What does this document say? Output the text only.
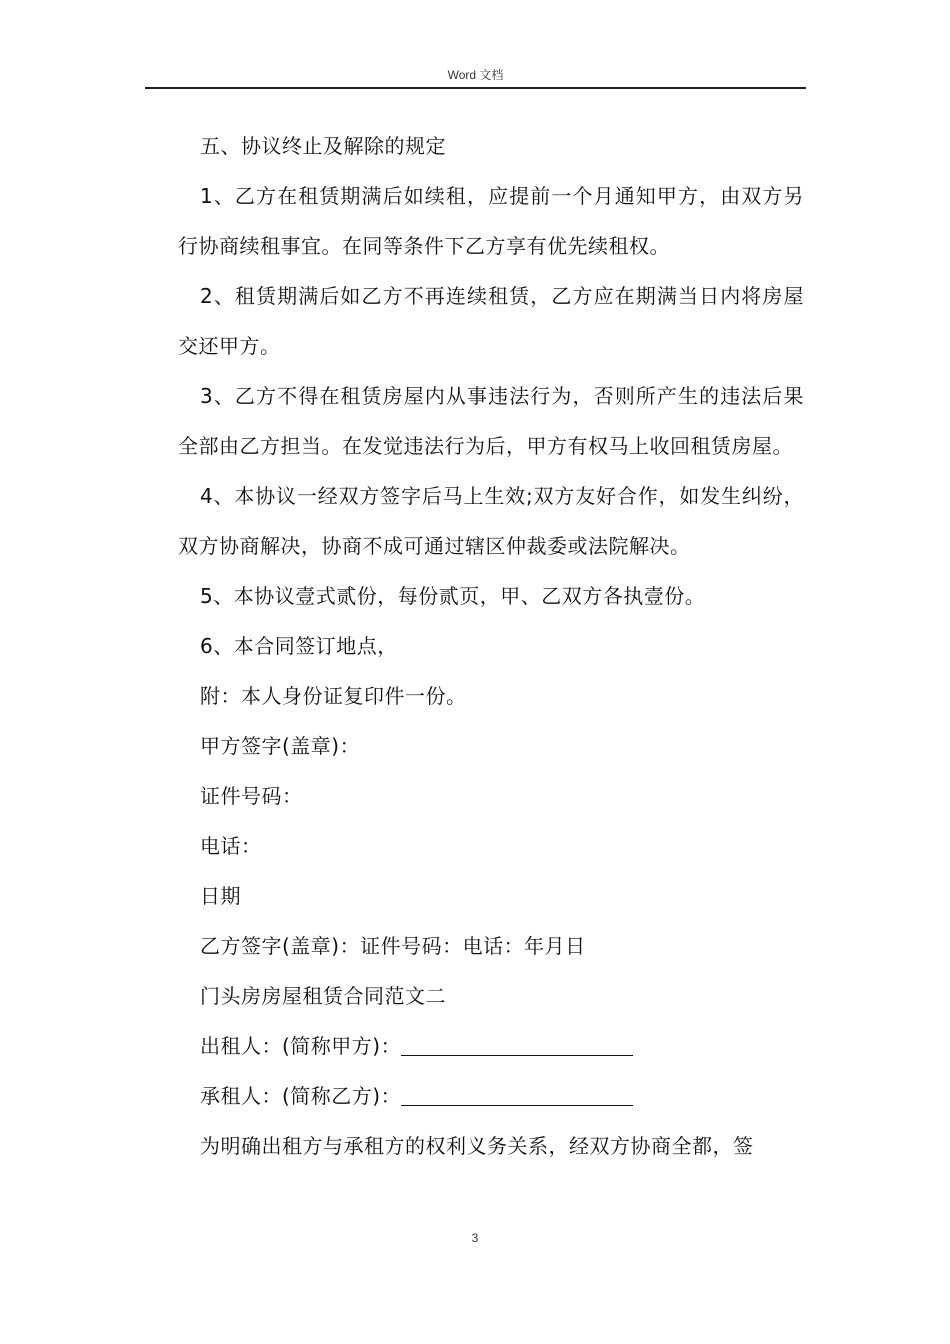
Word 文档

五、协议终止及解除的规定

1、乙方在租赁期满后如续租，应提前一个月通知甲方，由双方另行协商续租事宜。在同等条件下乙方享有优先续租权。

2、租赁期满后如乙方不再连续租赁，乙方应在期满当日内将房屋交还甲方。

3、乙方不得在租赁房屋内从事违法行为，否则所产生的违法后果全部由乙方担当。在发觉违法行为后，甲方有权马上收回租赁房屋。

4、本协议一经双方签字后马上生效;双方友好合作，如发生纠纷，双方协商解决，协商不成可通过辖区仲裁委或法院解决。

5、本协议壹式贰份，每份贰页，甲、乙双方各执壹份。

6、本合同签订地点，

附：本人身份证复印件一份。

甲方签字(盖章)：

证件号码：

电话：

日期

乙方签字(盖章)：证件号码：电话：年月日

门头房房屋租赁合同范文二

出租人：(简称甲方)：

承租人：(简称乙方)：

为明确出租方与承租方的权利义务关系，经双方协商全都，签

3
